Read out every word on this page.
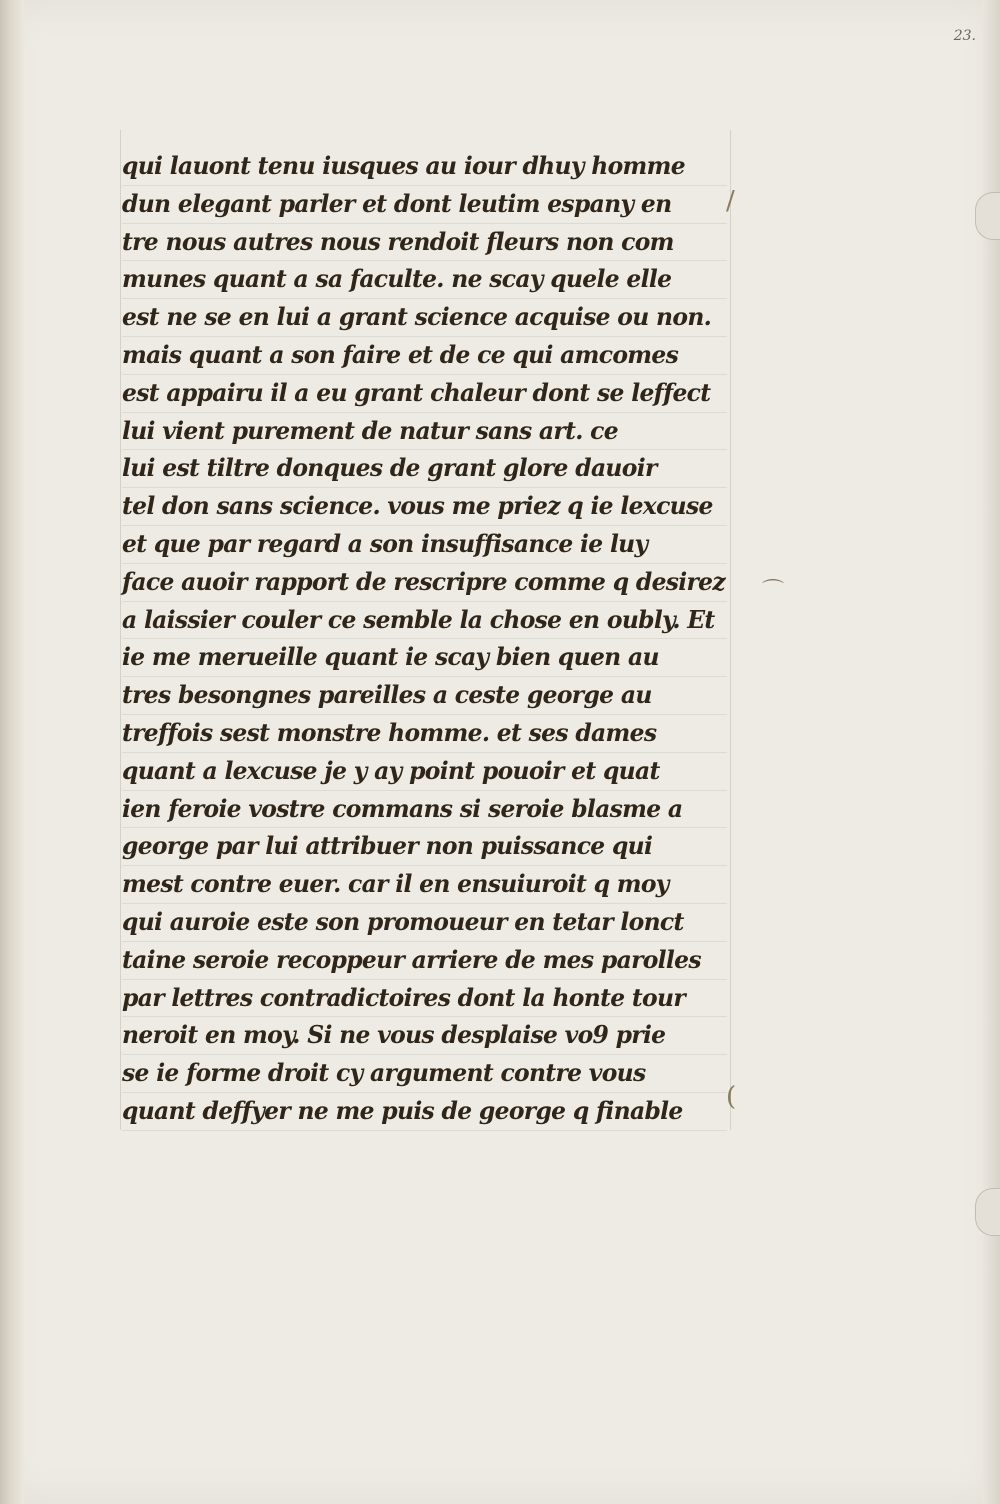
23.
qui lauont tenu iusques au iour dhuy homme
dun elegant parler et dont leutim espany en
tre nous autres nous rendoit fleurs non com
munes quant a sa faculte. ne scay quele elle
est ne se en lui a grant science acquise ou non.
mais quant a son faire et de ce qui amcomes
est appairu il a eu grant chaleur dont se leffect
lui vient purement de natur sans art. ce
lui est tiltre donques de grant glore dauoir
tel don sans science. vous me priez q ie lexcuse
et que par regard a son insuffisance ie luy
face auoir rapport de rescripre comme q desirez
a laissier couler ce semble la chose en oubly. Et
ie me merueille quant ie scay bien quen au
tres besongnes pareilles a ceste george au
treffois sest monstre homme. et ses dames
quant a lexcuse je y ay point pouoir et quat
ien feroie vostre commans si seroie blasme a
george par lui attribuer non puissance qui
mest contre euer. car il en ensuiuroit q moy
qui auroie este son promoueur en tetar lonct
taine seroie recoppeur arriere de mes parolles
par lettres contradictoires dont la honte tour
neroit en moy. Si ne vous desplaise vo9 prie
se ie forme droit cy argument contre vous
quant deffyer ne me puis de george q finable
/
⌒
(
